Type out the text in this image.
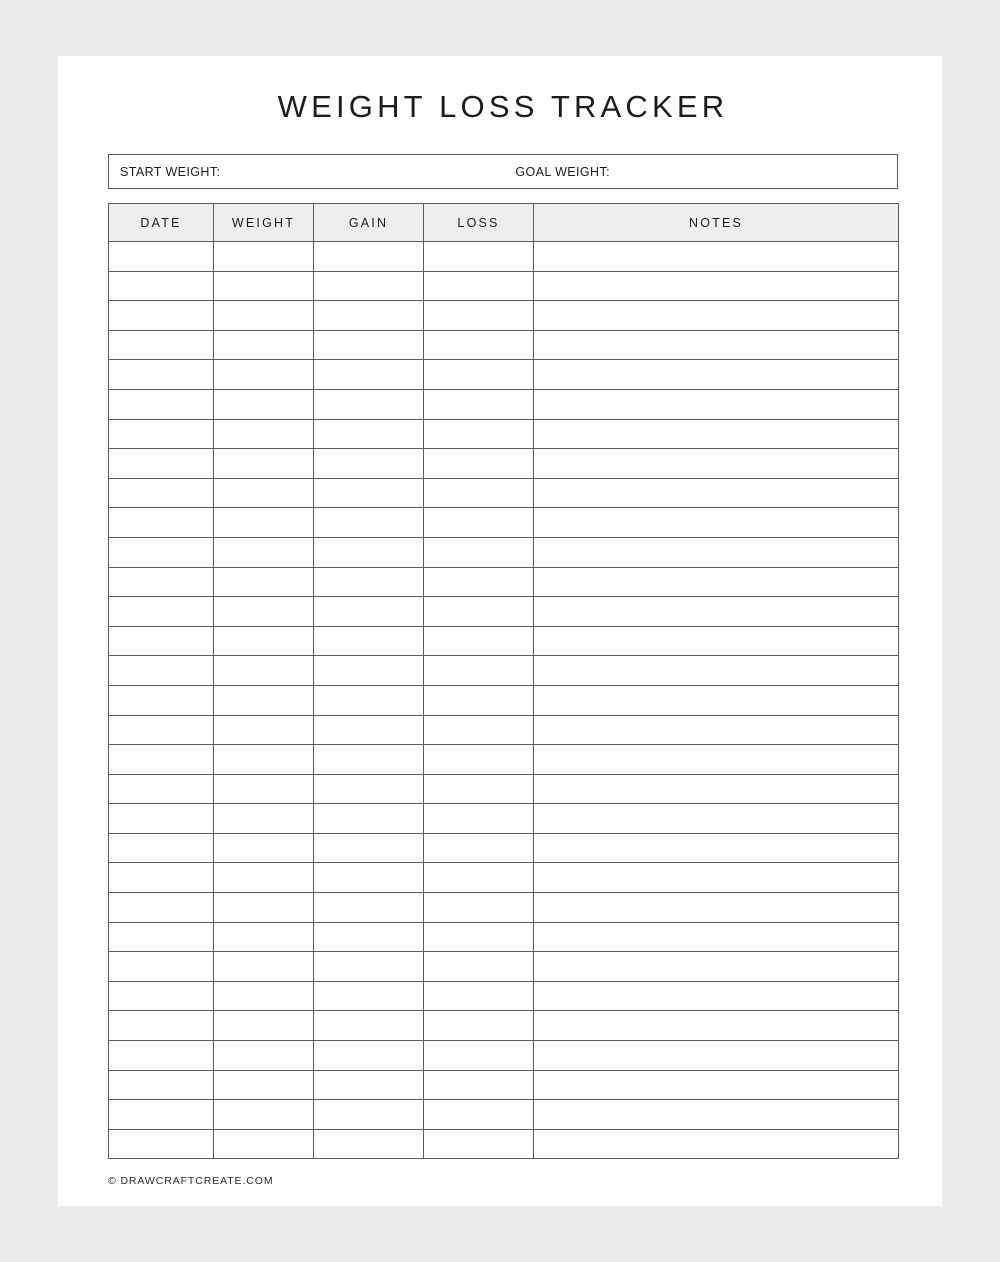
WEIGHT LOSS TRACKER
START WEIGHT:	GOAL WEIGHT:
DATE	WEIGHT	GAIN	LOSS	NOTES

© DRAWCRAFTCREATE.COM
